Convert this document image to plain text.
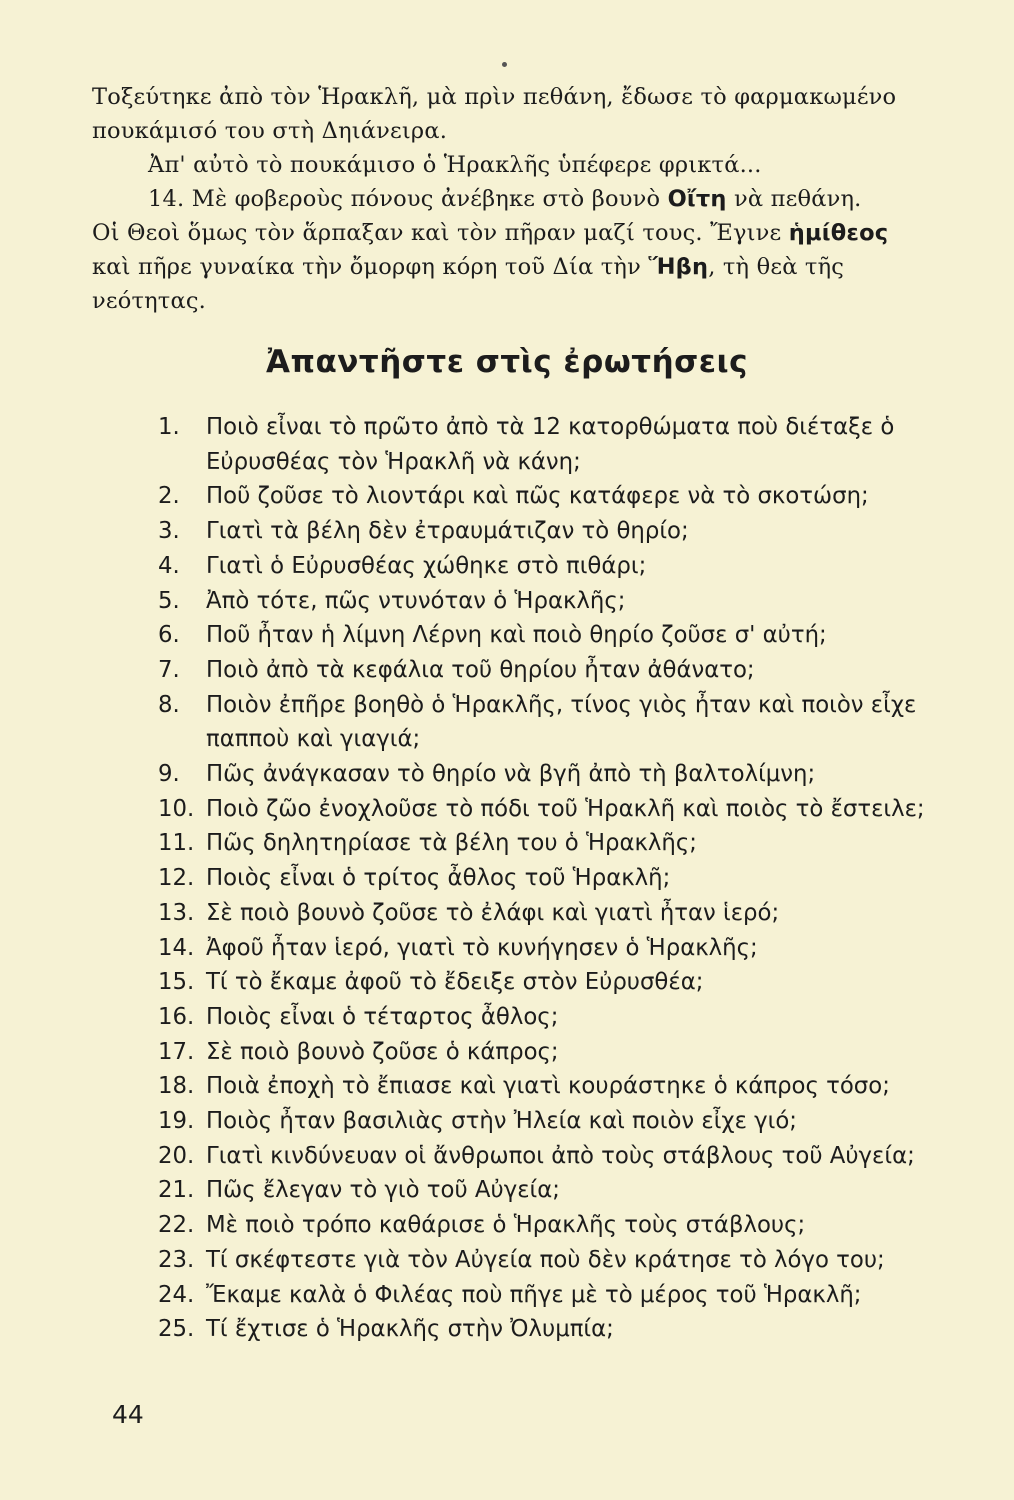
Τοξεύτηκε ἀπὸ τὸν Ἡρακλῆ, μὰ πρὶν πεθάνη, ἔδωσε τὸ φαρμακωμένο

πουκάμισό του στὴ Δηιάνειρα.

Ἀπ' αὐτὸ τὸ πουκάμισο ὁ Ἡρακλῆς ὑπέφερε φρικτά...

14. Μὲ φοβεροὺς πόνους ἀνέβηκε στὸ βουνὸ Οἴτη νὰ πεθάνη.

Οἱ Θεοὶ ὅμως τὸν ἅρπαξαν καὶ τὸν πῆραν μαζί τους. Ἔγινε ἡμίθεος

καὶ πῆρε γυναίκα τὴν ὄμορφη κόρη τοῦ Δία τὴν Ἥβη, τὴ θεὰ τῆς

νεότητας.

Ἀπαντῆστε στὶς ἐρωτήσεις
1.	Ποιὸ εἶναι τὸ πρῶτο ἀπὸ τὰ 12 κατορθώματα ποὺ διέταξε ὁ Εὐρυσθέας τὸν Ἡρακλῆ νὰ κάνη;
2.	Ποῦ ζοῦσε τὸ λιοντάρι καὶ πῶς κατάφερε νὰ τὸ σκοτώση;
3.	Γιατὶ τὰ βέλη δὲν ἐτραυμάτιζαν τὸ θηρίο;
4.	Γιατὶ ὁ Εὐρυσθέας χώθηκε στὸ πιθάρι;
5.	Ἀπὸ τότε, πῶς ντυνόταν ὁ Ἡρακλῆς;
6.	Ποῦ ἦταν ἡ λίμνη Λέρνη καὶ ποιὸ θηρίο ζοῦσε σ' αὐτή;
7.	Ποιὸ ἀπὸ τὰ κεφάλια τοῦ θηρίου ἦταν ἀθάνατο;
8.	Ποιὸν ἐπῆρε βοηθὸ ὁ Ἡρακλῆς, τίνος γιὸς ἦταν καὶ ποιὸν εἶχε παπποὺ καὶ γιαγιά;
9.	Πῶς ἀνάγκασαν τὸ θηρίο νὰ βγῆ ἀπὸ τὴ βαλτολίμνη;
10. Ποιὸ ζῶο ἐνοχλοῦσε τὸ πόδι τοῦ Ἡρακλῆ καὶ ποιὸς τὸ ἔστειλε;
11. Πῶς δηλητηρίασε τὰ βέλη του ὁ Ἡρακλῆς;
12. Ποιὸς εἶναι ὁ τρίτος ἆθλος τοῦ Ἡρακλῆ;
13. Σὲ ποιὸ βουνὸ ζοῦσε τὸ ἐλάφι καὶ γιατὶ ἦταν ἱερό;
14. Ἀφοῦ ἦταν ἱερό, γιατὶ τὸ κυνήγησεν ὁ Ἡρακλῆς;
15. Τί τὸ ἔκαμε ἀφοῦ τὸ ἔδειξε στὸν Εὐρυσθέα;
16. Ποιὸς εἶναι ὁ τέταρτος ἆθλος;
17. Σὲ ποιὸ βουνὸ ζοῦσε ὁ κάπρος;
18. Ποιὰ ἐποχὴ τὸ ἔπιασε καὶ γιατὶ κουράστηκε ὁ κάπρος τόσο;
19. Ποιὸς ἦταν βασιλιὰς στὴν Ἠλεία καὶ ποιὸν εἶχε γιό;
20. Γιατὶ κινδύνευαν οἱ ἄνθρωποι ἀπὸ τοὺς στάβλους τοῦ Αὐγεία;
21. Πῶς ἔλεγαν τὸ γιὸ τοῦ Αὐγεία;
22. Μὲ ποιὸ τρόπο καθάρισε ὁ Ἡρακλῆς τοὺς στάβλους;
23. Τί σκέφτεστε γιὰ τὸν Αὐγεία ποὺ δὲν κράτησε τὸ λόγο του;
24. Ἔκαμε καλὰ ὁ Φιλέας ποὺ πῆγε μὲ τὸ μέρος τοῦ Ἡρακλῆ;
25. Τί ἔχτισε ὁ Ἡρακλῆς στὴν Ὀλυμπία;
44
